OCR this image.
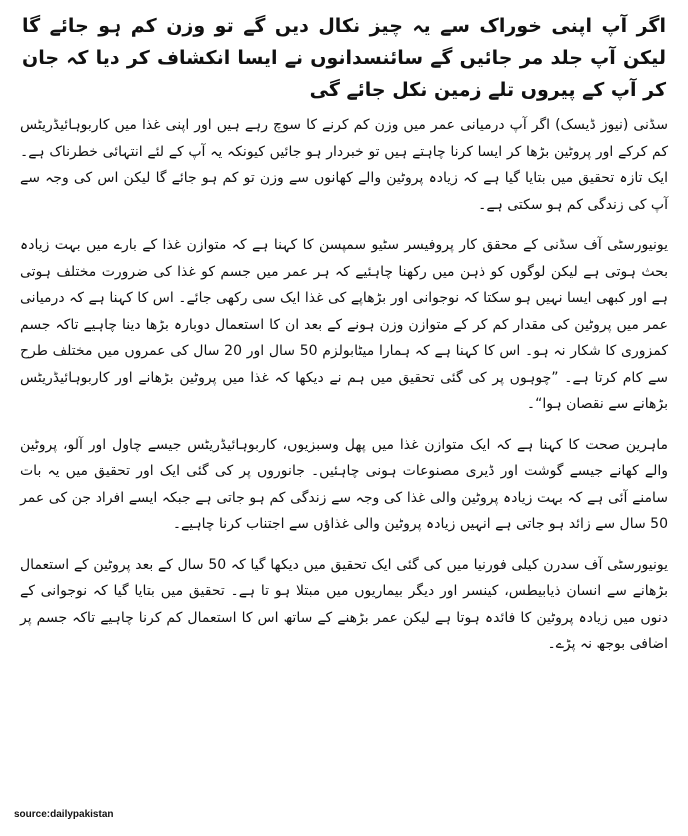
اگر آپ اپنی خوراک سے یہ چیز نکال دیں گے تو وزن کم ہو جائے گا لیکن آپ جلد مر جائیں گے سائنسدانوں نے ایسا انکشاف کر دیا کہ جان کر آپ کے پیروں تلے زمین نکل جائے گی

سڈنی (نیوز ڈیسک) اگر آپ درمیانی عمر میں وزن کم کرنے کا سوچ رہے ہیں اور اپنی غذا میں کاربوہائیڈریٹس کم کرکے اور پروٹین بڑھا کر ایسا کرنا چاہتے ہیں تو خبردار ہو جائیں کیونکہ یہ آپ کے لئے انتہائی خطرناک ہے۔ ایک تازہ تحقیق میں بتایا گیا ہے کہ زیادہ پروٹین والے کھانوں سے وزن تو کم ہو جائے گا لیکن اس کی وجہ سے آپ کی زندگی کم ہو سکتی ہے۔

یونیورسٹی آف سڈنی کے محقق کار پروفیسر سٹیو سمپسن کا کہنا ہے کہ متوازن غذا کے بارے میں بہت زیادہ بحث ہوتی ہے لیکن لوگوں کو ذہن میں رکھنا چاہئیے کہ ہر عمر میں جسم کو غذا کی ضرورت مختلف ہوتی ہے اور کبھی ایسا نہیں ہو سکتا کہ نوجوانی اور بڑھاپے کی غذا ایک سی رکھی جائے۔ اس کا کہنا ہے کہ درمیانی عمر میں پروٹین کی مقدار کم کر کے متوازن وزن ہونے کے بعد ان کا استعمال دوبارہ بڑھا دینا چاہیے تاکہ جسم کمزوری کا شکار نہ ہو۔ اس کا کہنا ہے کہ ہمارا میٹابولزم 50 سال اور 20 سال کی عمروں میں مختلف طرح سے کام کرتا ہے۔ ”چوہوں پر کی گئی تحقیق میں ہم نے دیکھا کہ غذا میں پروٹین بڑھانے اور کاربوہائیڈریٹس بڑھانے سے نقصان ہوا“۔

ماہرین صحت کا کہنا ہے کہ ایک متوازن غذا میں پھل وسبزیوں، کاربوہائیڈریٹس جیسے چاول اور آلو، پروٹین والے کھانے جیسے گوشت اور ڈیری مصنوعات ہونی چاہئیں۔ جانوروں پر کی گئی ایک اور تحقیق میں یہ بات سامنے آئی ہے کہ بہت زیادہ پروٹین والی غذا کی وجہ سے زندگی کم ہو جاتی ہے جبکہ ایسے افراد جن کی عمر 50 سال سے زائد ہو جاتی ہے انہیں زیادہ پروٹین والی غذاؤں سے اجتناب کرنا چاہیے۔

یونیورسٹی آف سدرن کیلی فورنیا میں کی گئی ایک تحقیق میں دیکھا گیا کہ 50 سال کے بعد پروٹین کے استعمال بڑھانے سے انسان ذیابیطس، کینسر اور دیگر بیماریوں میں مبتلا ہو تا ہے۔ تحقیق میں بتایا گیا کہ نوجوانی کے دنوں میں زیادہ پروٹین کا فائدہ ہوتا ہے لیکن عمر بڑھنے کے ساتھ اس کا استعمال کم کرنا چاہیے تاکہ جسم پر اضافی بوجھ نہ پڑے۔

source:dailypakistan
